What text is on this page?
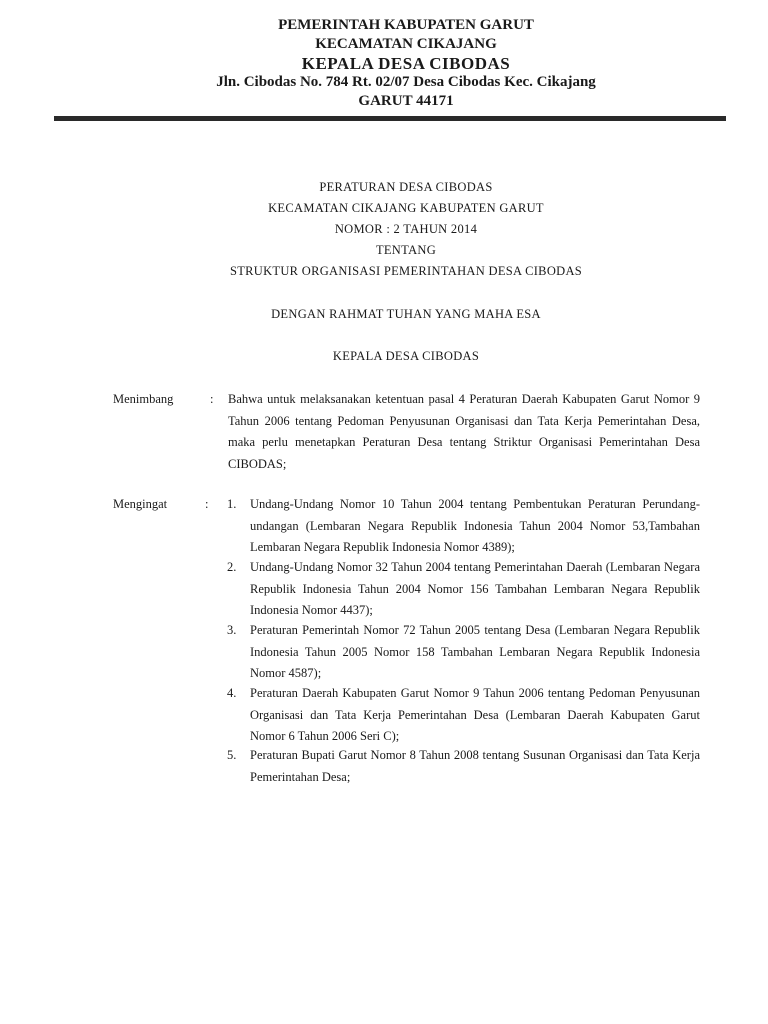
PEMERINTAH KABUPATEN GARUT
KECAMATAN CIKAJANG
KEPALA DESA CIBODAS
Jln. Cibodas No. 784 Rt. 02/07 Desa Cibodas Kec. Cikajang
GARUT 44171
PERATURAN DESA CIBODAS
KECAMATAN CIKAJANG KABUPATEN GARUT
NOMOR : 2 TAHUN 2014
TENTANG
STRUKTUR ORGANISASI PEMERINTAHAN DESA CIBODAS
DENGAN RAHMAT TUHAN YANG MAHA ESA
KEPALA DESA CIBODAS
Menimbang	: Bahwa untuk melaksanakan ketentuan pasal 4 Peraturan Daerah Kabupaten Garut Nomor 9 Tahun 2006 tentang Pedoman Penyusunan Organisasi dan Tata Kerja Pemerintahan Desa, maka perlu menetapkan Peraturan Desa tentang Striktur Organisasi Pemerintahan Desa CIBODAS;
Mengingat	: 1. Undang-Undang Nomor 10 Tahun 2004 tentang Pembentukan Peraturan Perundang-undangan (Lembaran Negara Republik Indonesia Tahun 2004 Nomor 53,Tambahan Lembaran Negara Republik Indonesia Nomor 4389);
2. Undang-Undang Nomor 32 Tahun 2004 tentang Pemerintahan Daerah (Lembaran Negara Republik Indonesia Tahun 2004 Nomor 156 Tambahan Lembaran Negara Republik Indonesia Nomor 4437);
3. Peraturan Pemerintah Nomor 72 Tahun 2005 tentang Desa (Lembaran Negara Republik Indonesia Tahun 2005 Nomor 158 Tambahan Lembaran Negara Republik Indonesia Nomor 4587);
4. Peraturan Daerah Kabupaten Garut Nomor 9 Tahun 2006 tentang Pedoman Penyusunan Organisasi dan Tata Kerja Pemerintahan Desa (Lembaran Daerah Kabupaten Garut Nomor 6 Tahun 2006 Seri C);
5. Peraturan Bupati Garut Nomor 8 Tahun 2008 tentang Susunan Organisasi dan Tata Kerja Pemerintahan Desa;
